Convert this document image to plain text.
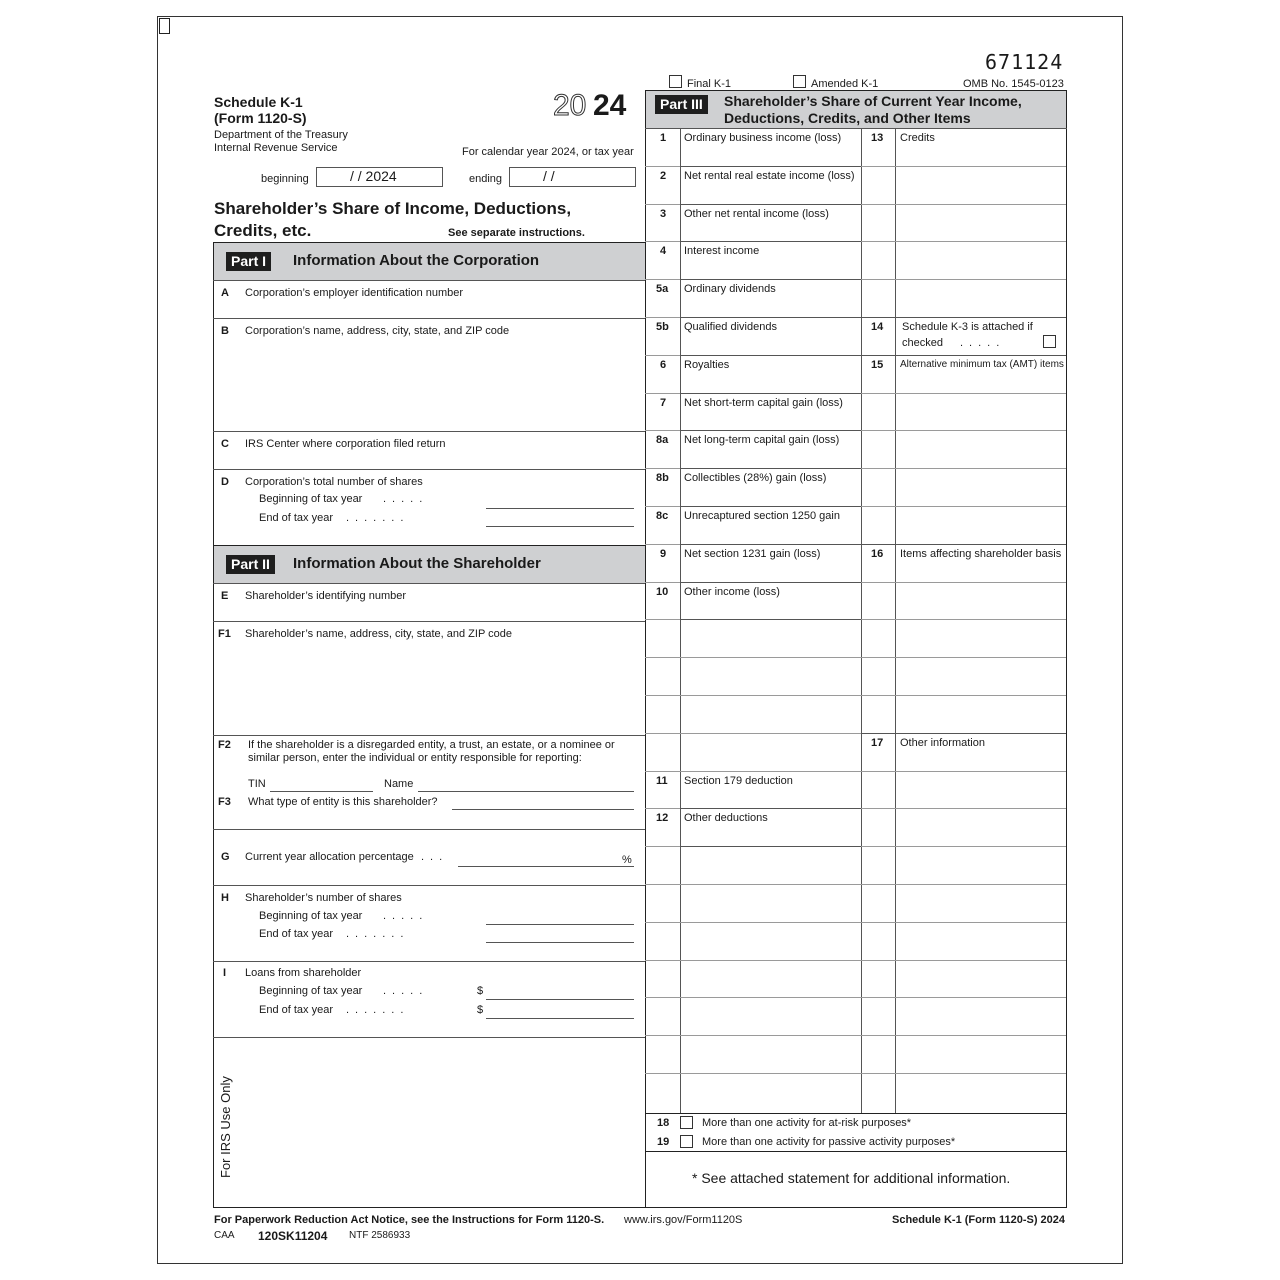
671124
Final K-1	Amended K-1	OMB No. 1545-0123
Schedule K-1
(Form 1120-S)
Department of the Treasury
Internal Revenue Service
20 24
For calendar year 2024, or tax year
beginning	/ / 2024	ending	/ /
Shareholder’s Share of Income, Deductions,
Credits, etc.	See separate instructions.
Part I	Information About the Corporation
A Corporation’s employer identification number
B Corporation’s name, address, city, state, and ZIP code
C IRS Center where corporation filed return
D Corporation’s total number of shares
Beginning of tax year .....
End of tax year .......
Part II	Information About the Shareholder
E Shareholder’s identifying number
F1 Shareholder’s name, address, city, state, and ZIP code
F2 If the shareholder is a disregarded entity, a trust, an estate, or a nominee or
similar person, enter the individual or entity responsible for reporting:
TIN	Name
F3 What type of entity is this shareholder?
G Current year allocation percentage ...	%
H Shareholder’s number of shares
Beginning of tax year .....
End of tax year .......
I Loans from shareholder
Beginning of tax year .....	$
End of tax year .......	$
For IRS Use Only
Part III	Shareholder’s Share of Current Year Income,
Deductions, Credits, and Other Items
1 Ordinary business income (loss)
2 Net rental real estate income (loss)
3 Other net rental income (loss)
4 Interest income
5a Ordinary dividends
5b Qualified dividends
6 Royalties
7 Net short-term capital gain (loss)
8a Net long-term capital gain (loss)
8b Collectibles (28%) gain (loss)
8c Unrecaptured section 1250 gain
9 Net section 1231 gain (loss)
10 Other income (loss)
11 Section 179 deduction
12 Other deductions
13 Credits
14 Schedule K-3 is attached if
checked .....
15 Alternative minimum tax (AMT) items
16 Items affecting shareholder basis
17 Other information
18	More than one activity for at-risk purposes*
19	More than one activity for passive activity purposes*
* See attached statement for additional information.
For Paperwork Reduction Act Notice, see the Instructions for Form 1120-S. www.irs.gov/Form1120S	Schedule K-1 (Form 1120-S) 2024
CAA 120SK11204 NTF 2586933
